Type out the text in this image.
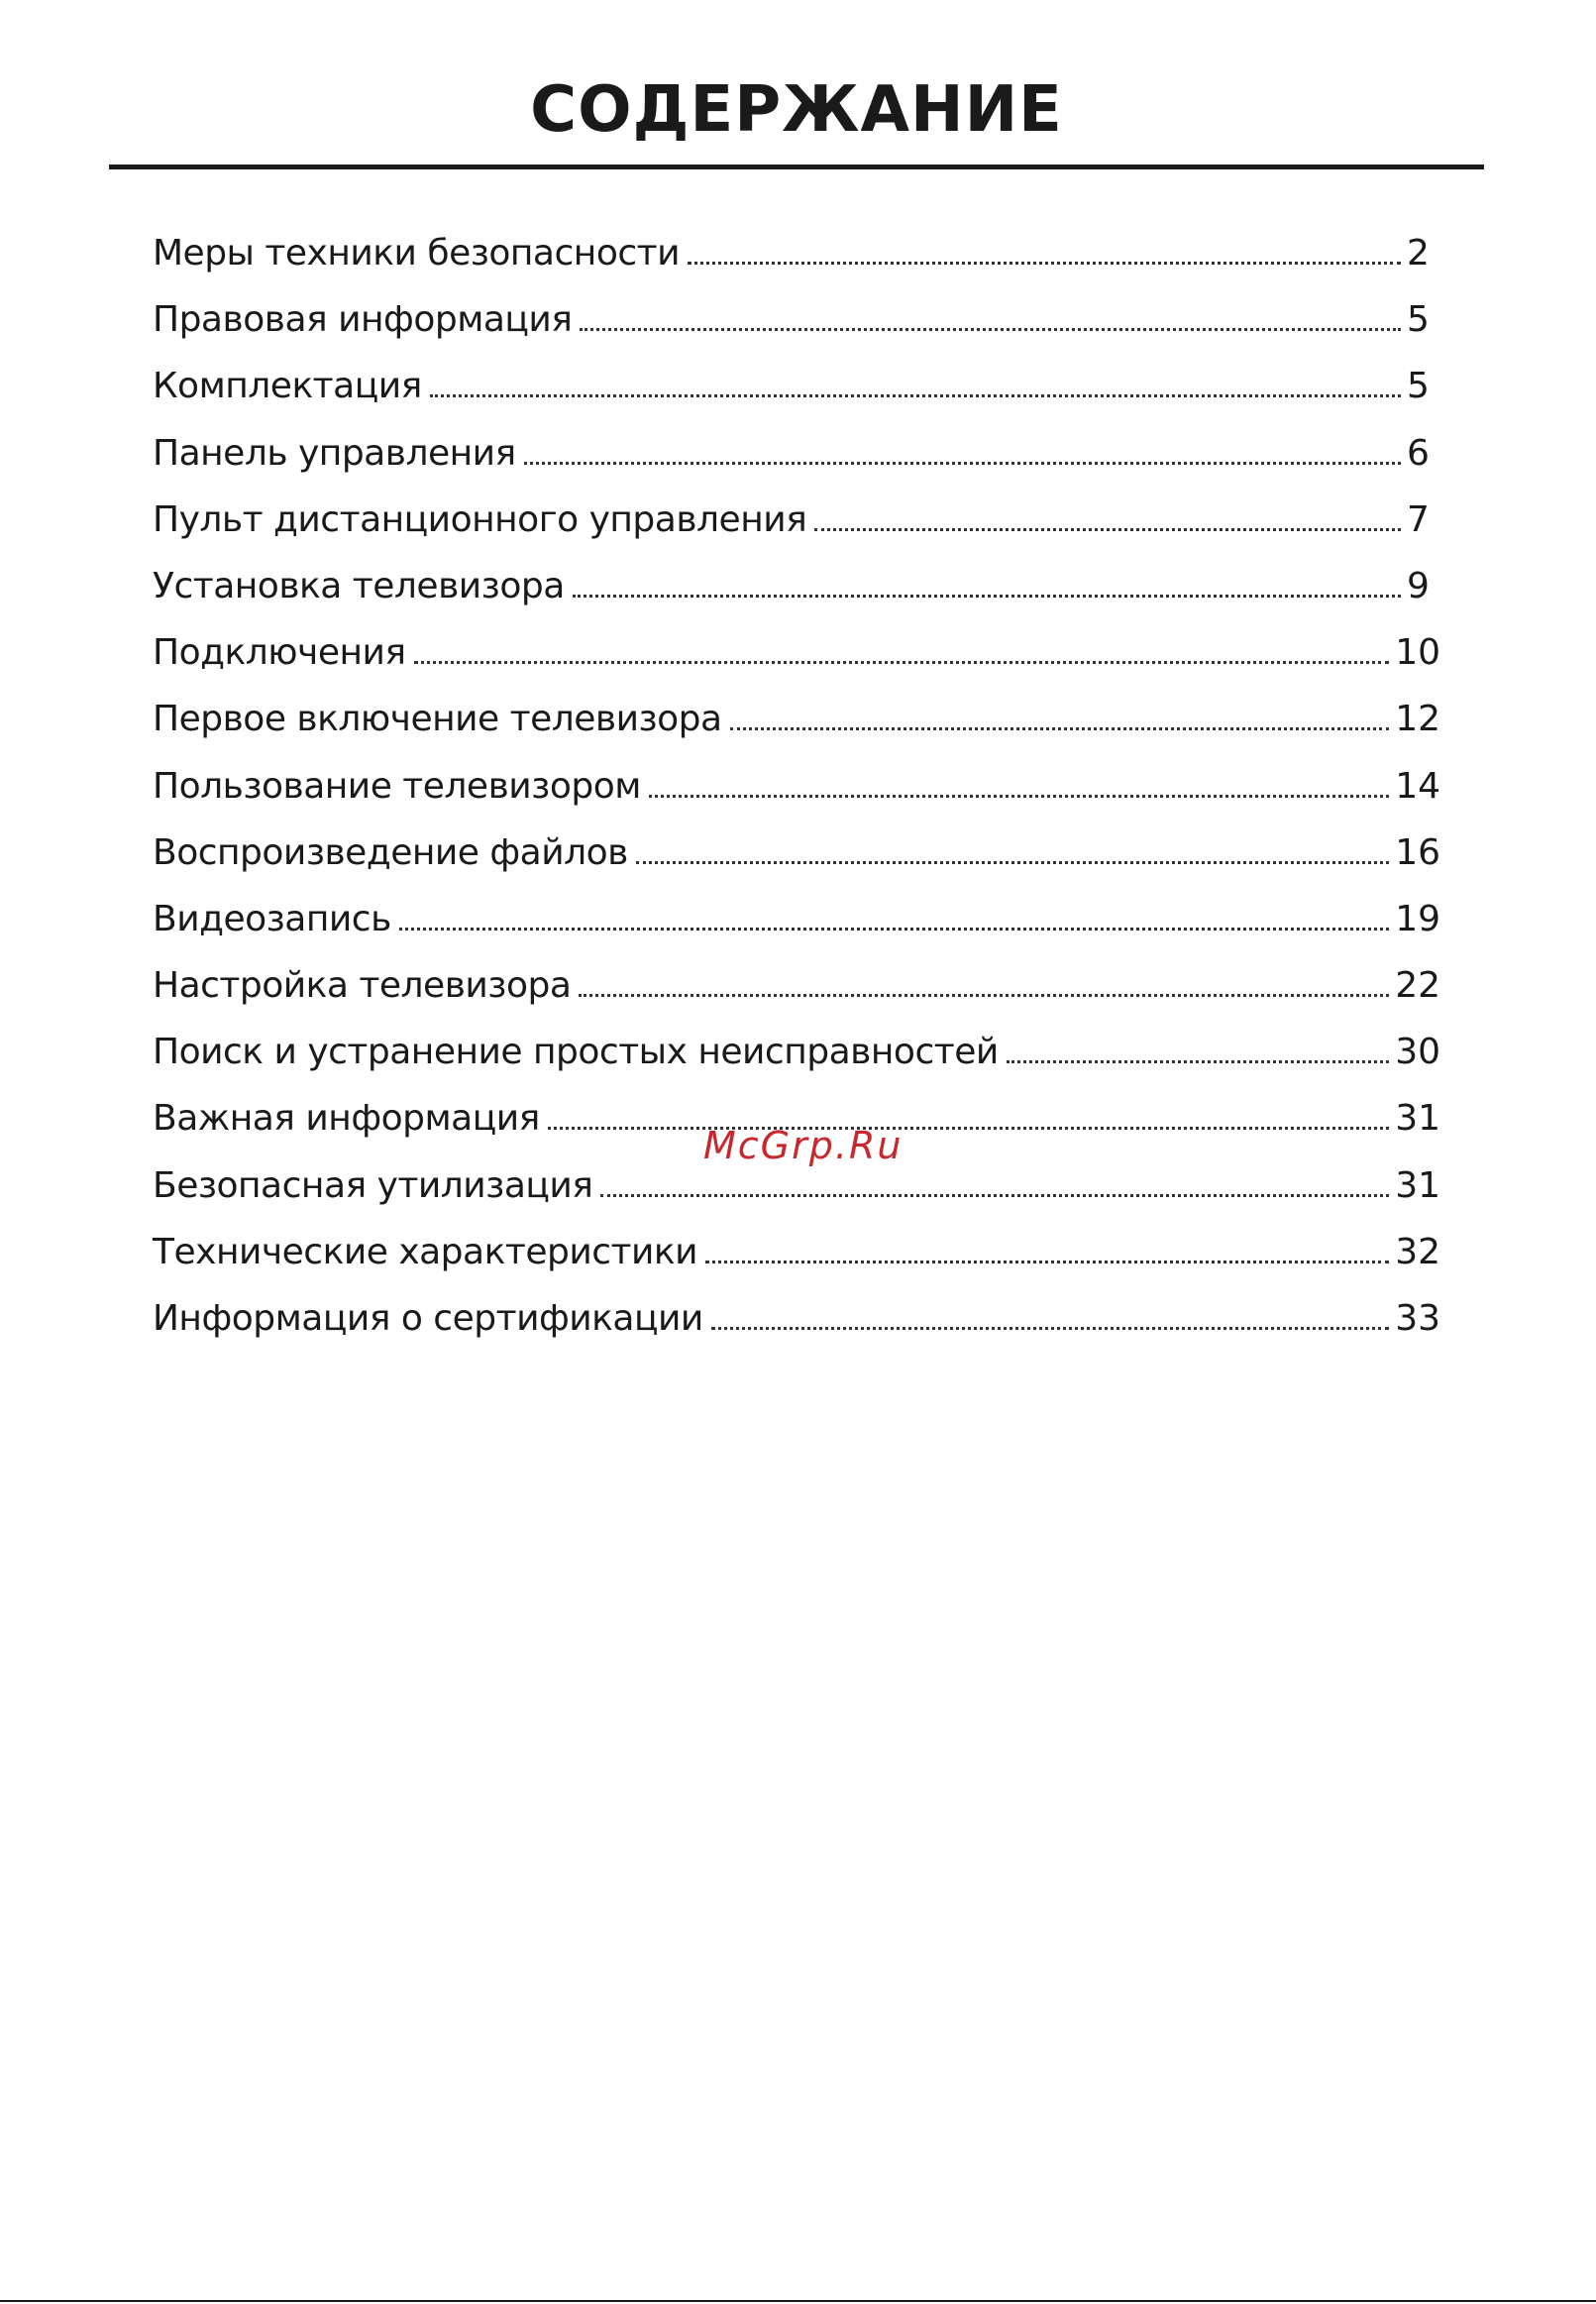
СОДЕРЖАНИЕ
Меры техники безопасности	2
Правовая информация	5
Комплектация	5
Панель управления	6
Пульт дистанционного управления	7
Установка телевизора	9
Подключения	10
Первое включение телевизора	12
Пользование телевизором	14
Воспроизведение файлов	16
Видеозапись	19
Настройка телевизора	22
Поиск и устранение простых неисправностей	30
Важная информация	31
Безопасная утилизация	31
Технические характеристики	32
Информация о сертификации	33
McGrp.Ru
